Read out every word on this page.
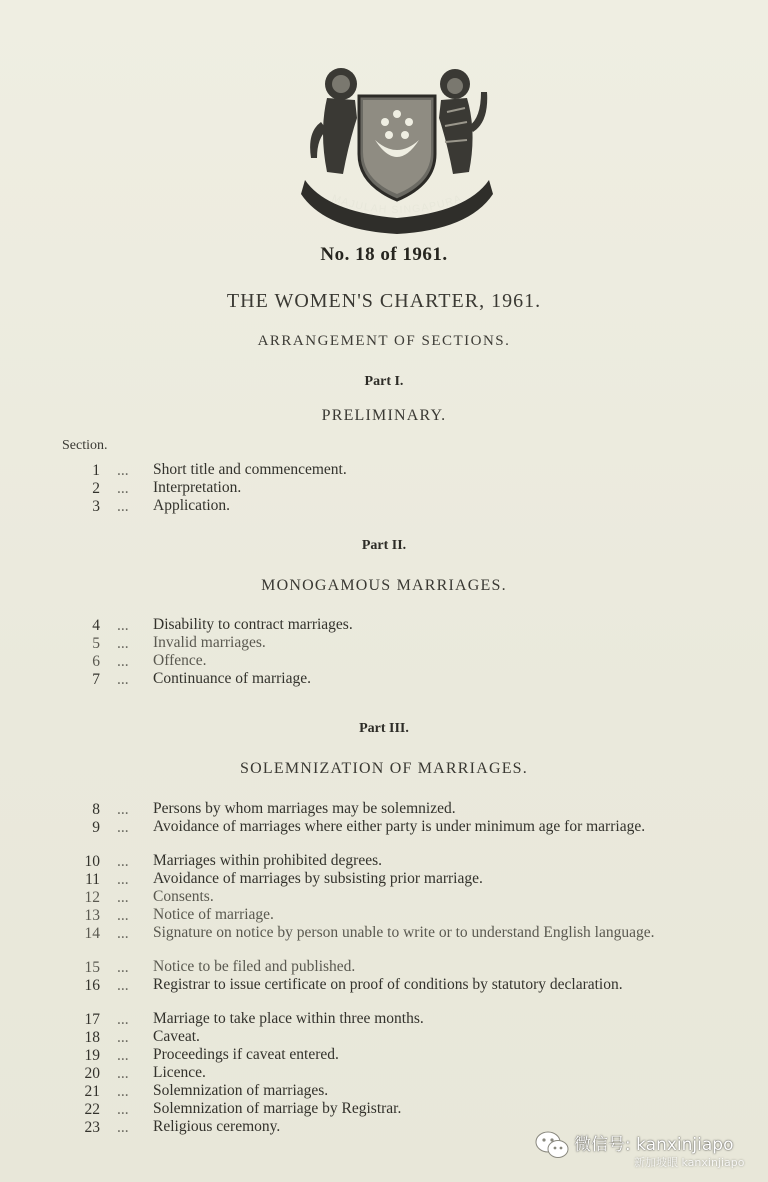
MAJULAH SINGAPURA
No. 18 of 1961.
THE WOMEN'S CHARTER, 1961.
ARRANGEMENT OF SECTIONS.
Part I.
PRELIMINARY.
Section.
1 ...	Short title and commencement.
2 ...	Interpretation.
3 ...	Application.
Part II.
MONOGAMOUS MARRIAGES.
4 ...	Disability to contract marriages.
5 ...	Invalid marriages.
6 ...	Offence.
7 ...	Continuance of marriage.
Part III.
SOLEMNIZATION OF MARRIAGES.
8 ...	Persons by whom marriages may be solemnized.
9 ...	Avoidance of marriages where either party is under minimum age for marriage.
10 ...	Marriages within prohibited degrees.
11 ...	Avoidance of marriages by subsisting prior marriage.
12 ...	Consents.
13 ...	Notice of marriage.
14 ...	Signature on notice by person unable to write or to understand English language.
15 ...	Notice to be filed and published.
16 ...	Registrar to issue certificate on proof of conditions by statutory declaration.
17 ...	Marriage to take place within three months.
18 ...	Caveat.
19 ...	Proceedings if caveat entered.
20 ...	Licence.
21 ...	Solemnization of marriages.
22 ...	Solemnization of marriage by Registrar.
23 ...	Religious ceremony.
微信号: kanxinjiapo
新加坡眼 kanxinjiapo
